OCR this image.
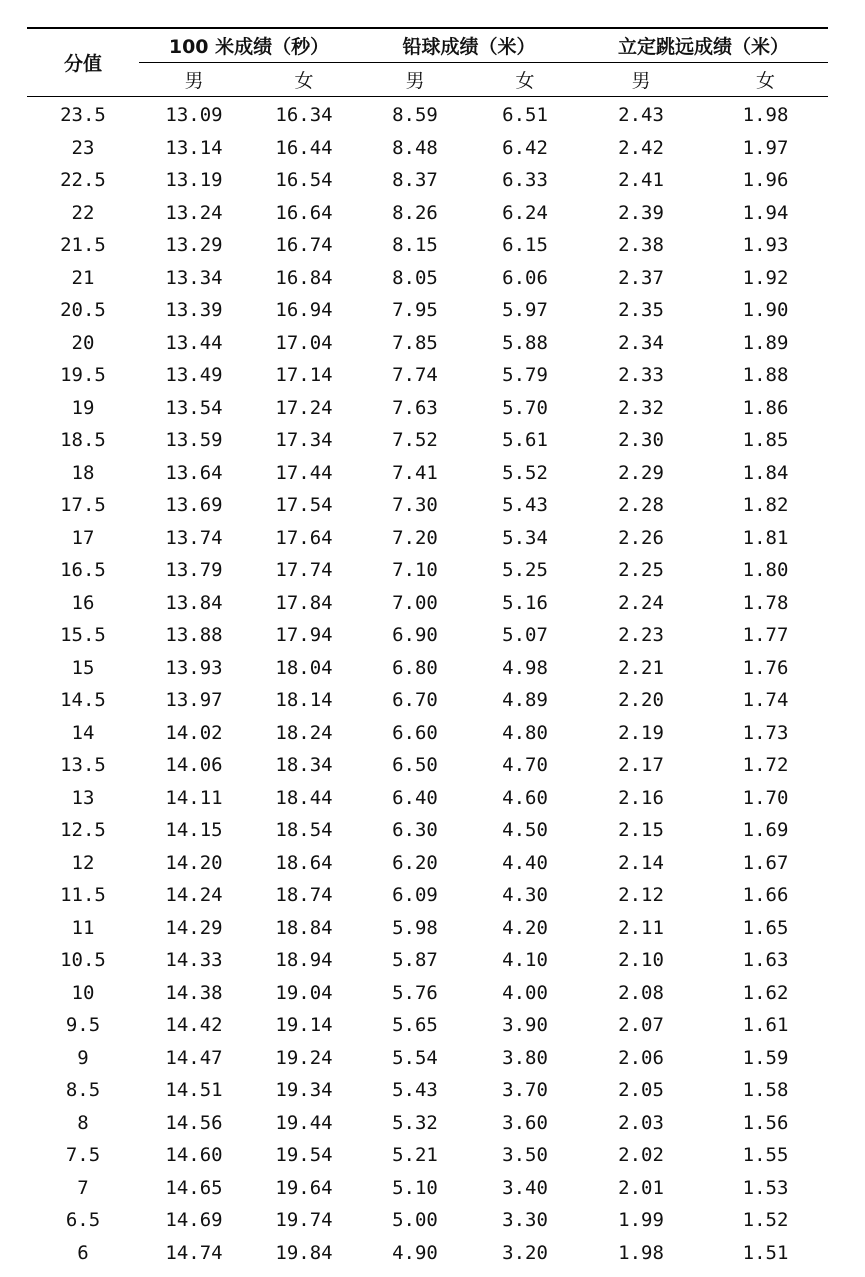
分值	100 米成绩（秒）		铅球成绩（米）		立定跳远成绩（米）	
	男	女	男	女	男	女
23.5	13.09	16.34	8.59	6.51	2.43	1.98
23	13.14	16.44	8.48	6.42	2.42	1.97
22.5	13.19	16.54	8.37	6.33	2.41	1.96
22	13.24	16.64	8.26	6.24	2.39	1.94
21.5	13.29	16.74	8.15	6.15	2.38	1.93
21	13.34	16.84	8.05	6.06	2.37	1.92
20.5	13.39	16.94	7.95	5.97	2.35	1.90
20	13.44	17.04	7.85	5.88	2.34	1.89
19.5	13.49	17.14	7.74	5.79	2.33	1.88
19	13.54	17.24	7.63	5.70	2.32	1.86
18.5	13.59	17.34	7.52	5.61	2.30	1.85
18	13.64	17.44	7.41	5.52	2.29	1.84
17.5	13.69	17.54	7.30	5.43	2.28	1.82
17	13.74	17.64	7.20	5.34	2.26	1.81
16.5	13.79	17.74	7.10	5.25	2.25	1.80
16	13.84	17.84	7.00	5.16	2.24	1.78
15.5	13.88	17.94	6.90	5.07	2.23	1.77
15	13.93	18.04	6.80	4.98	2.21	1.76
14.5	13.97	18.14	6.70	4.89	2.20	1.74
14	14.02	18.24	6.60	4.80	2.19	1.73
13.5	14.06	18.34	6.50	4.70	2.17	1.72
13	14.11	18.44	6.40	4.60	2.16	1.70
12.5	14.15	18.54	6.30	4.50	2.15	1.69
12	14.20	18.64	6.20	4.40	2.14	1.67
11.5	14.24	18.74	6.09	4.30	2.12	1.66
11	14.29	18.84	5.98	4.20	2.11	1.65
10.5	14.33	18.94	5.87	4.10	2.10	1.63
10	14.38	19.04	5.76	4.00	2.08	1.62
9.5	14.42	19.14	5.65	3.90	2.07	1.61
9	14.47	19.24	5.54	3.80	2.06	1.59
8.5	14.51	19.34	5.43	3.70	2.05	1.58
8	14.56	19.44	5.32	3.60	2.03	1.56
7.5	14.60	19.54	5.21	3.50	2.02	1.55
7	14.65	19.64	5.10	3.40	2.01	1.53
6.5	14.69	19.74	5.00	3.30	1.99	1.52
6	14.74	19.84	4.90	3.20	1.98	1.51
